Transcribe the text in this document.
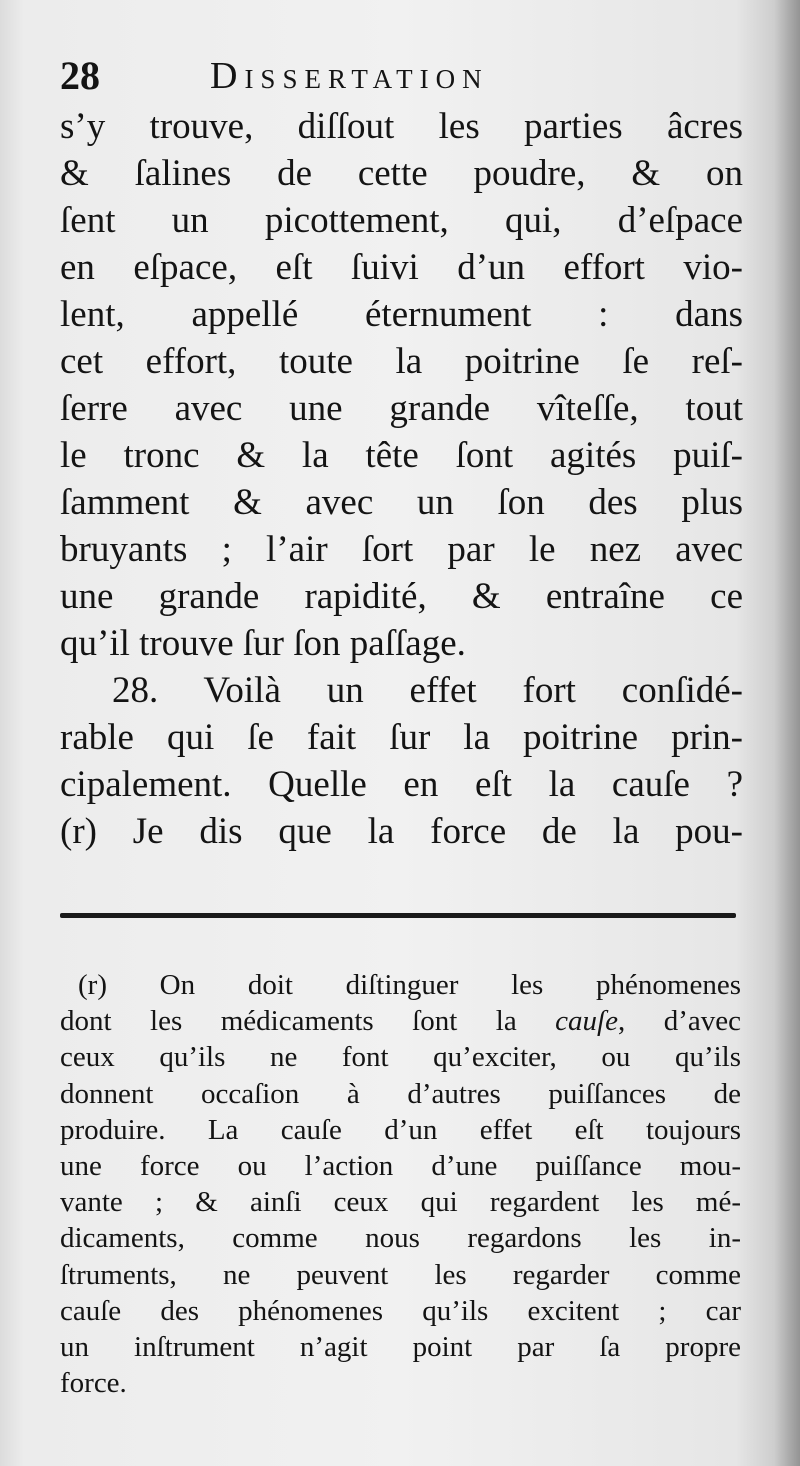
28	Dissertation
s’y trouve, diſſout les parties âcres
& ſalines de cette poudre, & on
ſent un picottement, qui, d’eſpace
en eſpace, eſt ſuivi d’un effort vio-
lent, appellé éternument : dans
cet effort, toute la poitrine ſe reſ-
ſerre avec une grande vîteſſe, tout
le tronc & la tête ſont agités puiſ-
ſamment & avec un ſon des plus
bruyants ; l’air ſort par le nez avec
une grande rapidité, & entraîne ce
qu’il trouve ſur ſon paſſage.
28. Voilà un effet fort conſidé-
rable qui ſe fait ſur la poitrine prin-
cipalement. Quelle en eſt la cauſe ?
(r) Je dis que la force de la pou-
(r) On doit diſtinguer les phénomenes
dont les médicaments ſont la cauſe, d’avec
ceux qu’ils ne font qu’exciter, ou qu’ils
donnent occaſion à d’autres puiſſances de
produire. La cauſe d’un effet eſt toujours
une force ou l’action d’une puiſſance mou-
vante ; & ainſi ceux qui regardent les mé-
dicaments, comme nous regardons les in-
ſtruments, ne peuvent les regarder comme
cauſe des phénomenes qu’ils excitent ; car
un inſtrument n’agit point par ſa propre
force.
